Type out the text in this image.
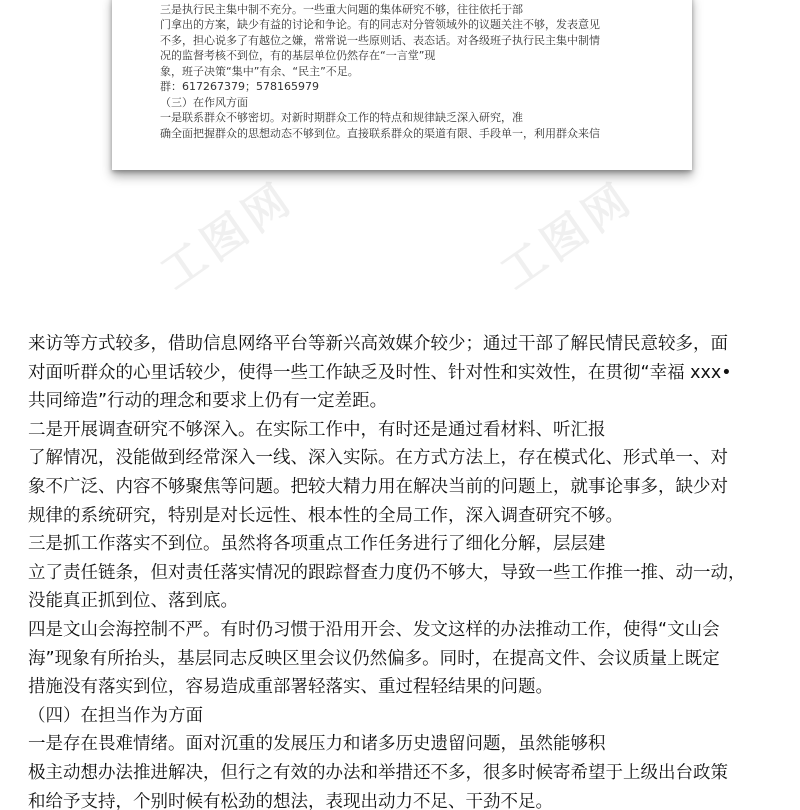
三是执行民主集中制不充分。一些重大问题的集体研究不够，往往依托于部

门拿出的方案，缺少有益的讨论和争论。有的同志对分管领域外的议题关注不够，发表意见

不多，担心说多了有越位之嫌，常常说一些原则话、表态话。对各级班子执行民主集中制情

况的监督考核不到位，有的基层单位仍然存在“一言堂”现

象，班子决策“集中”有余、“民主”不足。

群：617267379；578165979

（三）在作风方面

一是联系群众不够密切。对新时期群众工作的特点和规律缺乏深入研究，准

确全面把握群众的思想动态不够到位。直接联系群众的渠道有限、手段单一，利用群众来信

工图网	工图网

来访等方式较多，借助信息网络平台等新兴高效媒介较少；通过干部了解民情民意较多，面

对面听群众的心里话较少，使得一些工作缺乏及时性、针对性和实效性，在贯彻“幸福 xxx•

共同缔造”行动的理念和要求上仍有一定差距。

二是开展调查研究不够深入。在实际工作中，有时还是通过看材料、听汇报

了解情况，没能做到经常深入一线、深入实际。在方式方法上，存在模式化、形式单一、对

象不广泛、内容不够聚焦等问题。把较大精力用在解决当前的问题上，就事论事多，缺少对

规律的系统研究，特别是对长远性、根本性的全局工作，深入调查研究不够。

三是抓工作落实不到位。虽然将各项重点工作任务进行了细化分解，层层建

立了责任链条，但对责任落实情况的跟踪督查力度仍不够大，导致一些工作推一推、动一动，

没能真正抓到位、落到底。

四是文山会海控制不严。有时仍习惯于沿用开会、发文这样的办法推动工作，使得“文山会

海”现象有所抬头，基层同志反映区里会议仍然偏多。同时，在提高文件、会议质量上既定

措施没有落实到位，容易造成重部署轻落实、重过程轻结果的问题。

（四）在担当作为方面

一是存在畏难情绪。面对沉重的发展压力和诸多历史遗留问题，虽然能够积

极主动想办法推进解决，但行之有效的办法和举措还不多，很多时候寄希望于上级出台政策

和给予支持，个别时候有松劲的想法，表现出动力不足、干劲不足。
